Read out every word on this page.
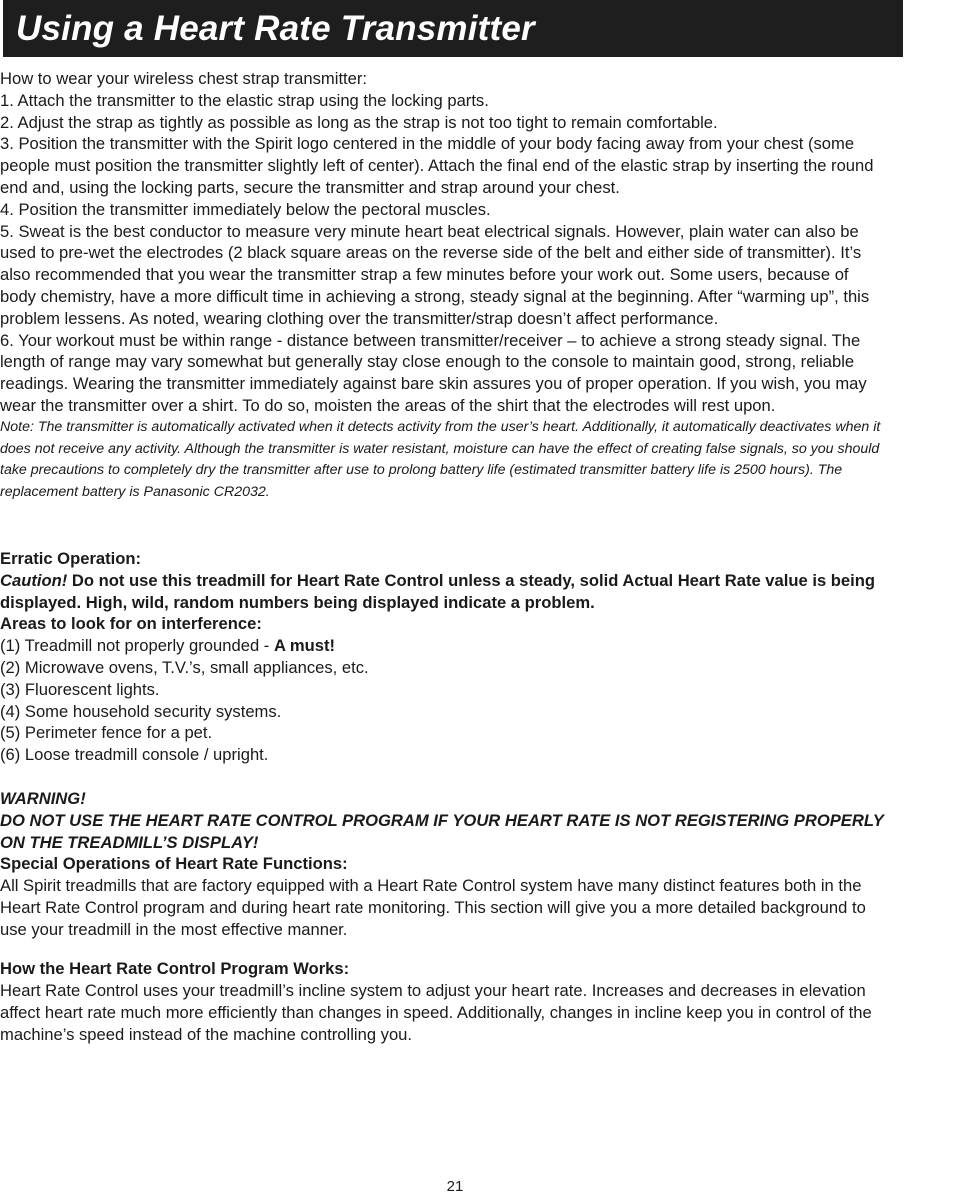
Using a Heart Rate Transmitter

How to wear your wireless chest strap transmitter:

1. Attach the transmitter to the elastic strap using the locking parts.

2. Adjust the strap as tightly as possible as long as the strap is not too tight to remain comfortable.

3. Position the transmitter with the Spirit logo centered in the middle of your body facing away from your chest (some people must position the transmitter slightly left of center). Attach the final end of the elastic strap by inserting the round end and, using the locking parts, secure the transmitter and strap around your chest.

4. Position the transmitter immediately below the pectoral muscles.

5. Sweat is the best conductor to measure very minute heart beat electrical signals. However, plain water can also be used to pre-wet the electrodes (2 black square areas on the reverse side of the belt and either side of transmitter). It’s also recommended that you wear the transmitter strap a few minutes before your work out. Some users, because of body chemistry, have a more difficult time in achieving a strong, steady signal at the beginning. After “warming up”, this problem lessens. As noted, wearing clothing over the transmitter/strap doesn’t affect performance.

6. Your workout must be within range - distance between transmitter/receiver – to achieve a strong steady signal. The length of range may vary somewhat but generally stay close enough to the console to maintain good, strong, reliable readings. Wearing the transmitter immediately against bare skin assures you of proper operation. If you wish, you may wear the transmitter over a shirt. To do so, moisten the areas of the shirt that the electrodes will rest upon.

Note: The transmitter is automatically activated when it detects activity from the user’s heart. Additionally, it automatically deactivates when it does not receive any activity. Although the transmitter is water resistant, moisture can have the effect of creating false signals, so you should take precautions to completely dry the transmitter after use to prolong battery life (estimated transmitter battery life is 2500 hours). The replacement battery is Panasonic CR2032.

Erratic Operation:

Caution! Do not use this treadmill for Heart Rate Control unless a steady, solid Actual Heart Rate value is being displayed. High, wild, random numbers being displayed indicate a problem.

Areas to look for on interference:

(1) Treadmill not properly grounded - A must!

(2) Microwave ovens, T.V.’s, small appliances, etc.

(3) Fluorescent lights.

(4) Some household security systems.

(5) Perimeter fence for a pet.

(6) Loose treadmill console / upright.

WARNING!

DO NOT USE THE HEART RATE CONTROL PROGRAM IF YOUR HEART RATE IS NOT REGISTERING PROPERLY ON THE TREADMILL’S DISPLAY!

Special Operations of Heart Rate Functions:

All Spirit treadmills that are factory equipped with a Heart Rate Control system have many distinct features both in the Heart Rate Control program and during heart rate monitoring. This section will give you a more detailed background to use your treadmill in the most effective manner.

How the Heart Rate Control Program Works:

Heart Rate Control uses your treadmill’s incline system to adjust your heart rate. Increases and decreases in elevation affect heart rate much more efficiently than changes in speed. Additionally, changes in incline keep you in control of the machine’s speed instead of the machine controlling you.

21
